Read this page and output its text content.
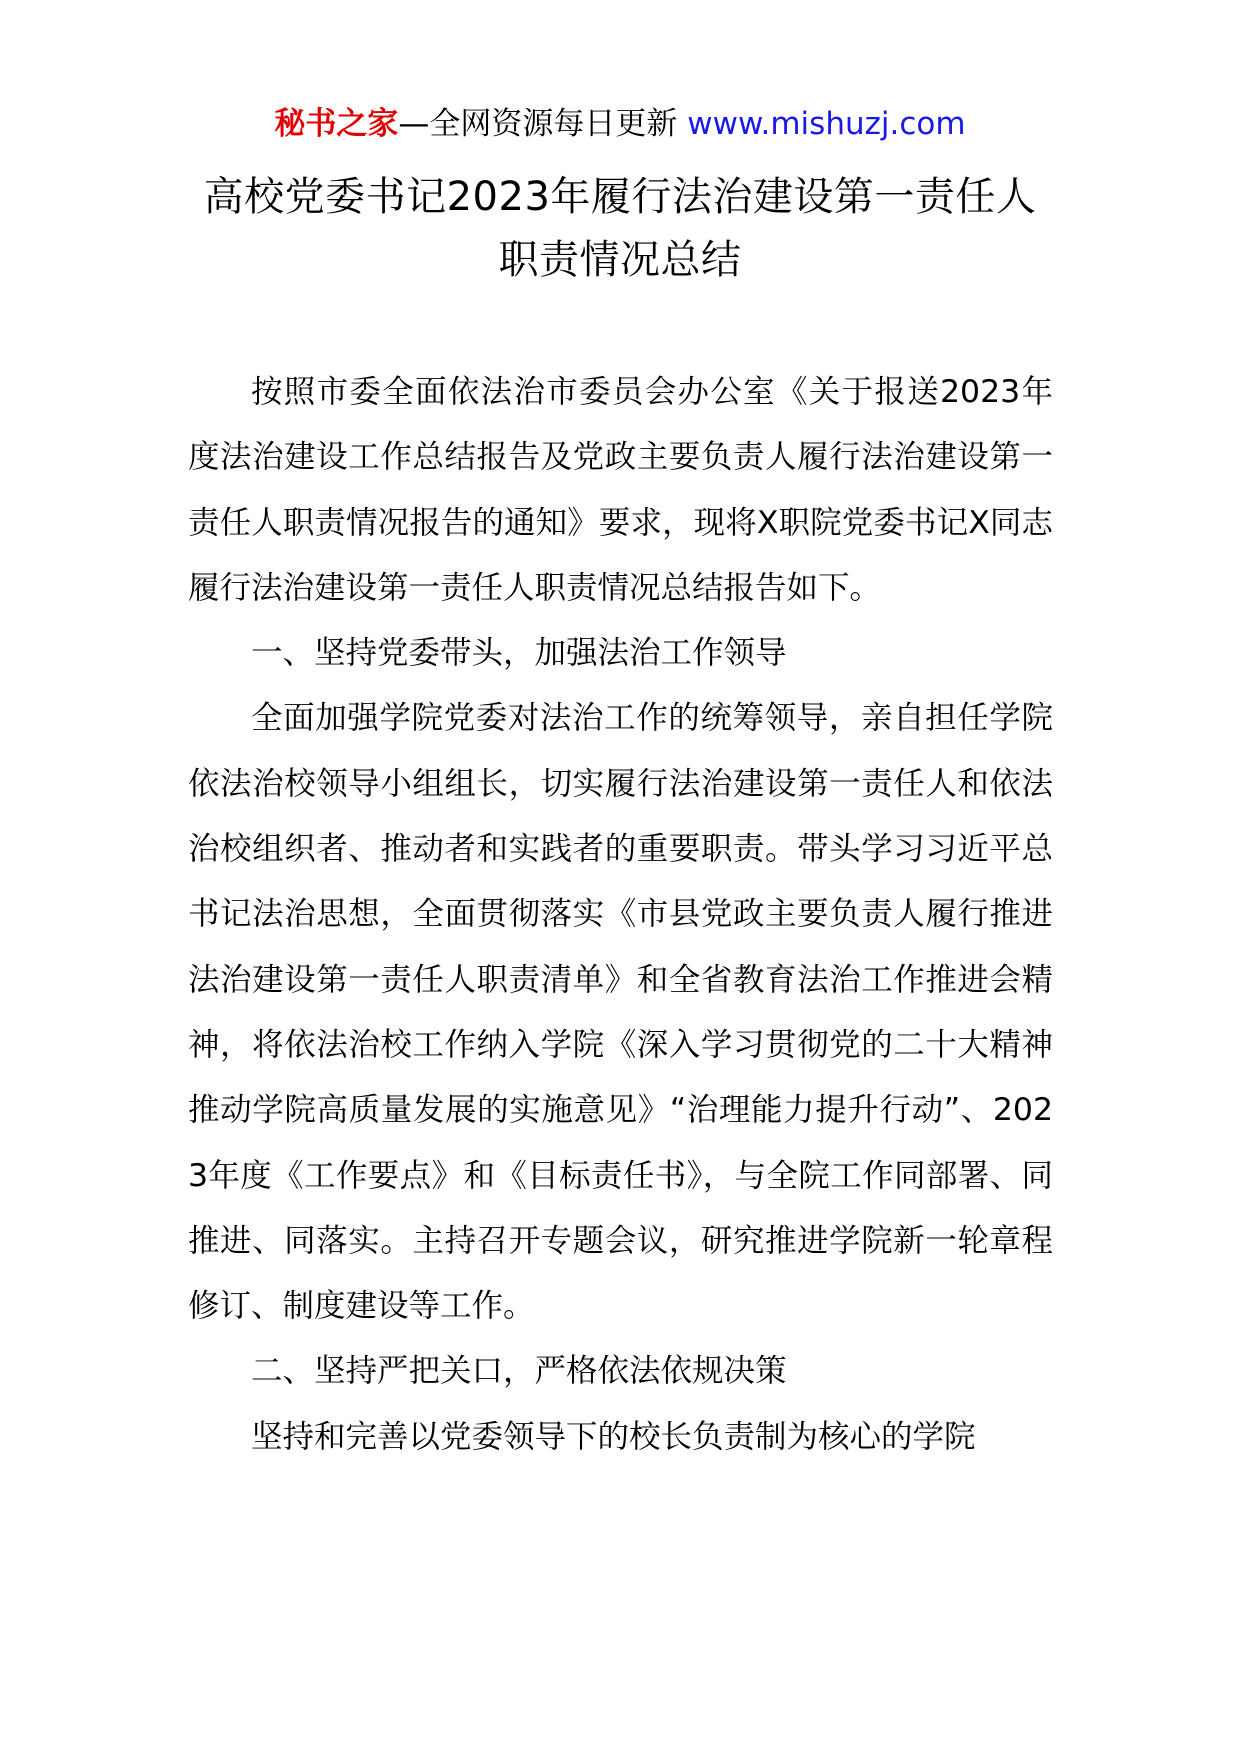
秘书之家—全网资源每日更新 www.mishuzj.com
高校党委书记2023年履行法治建设第一责任人
职责情况总结

按照市委全面依法治市委员会办公室《关于报送2023年度法治建设工作总结报告及党政主要负责人履行法治建设第一责任人职责情况报告的通知》要求，现将X职院党委书记X同志履行法治建设第一责任人职责情况总结报告如下。

一、坚持党委带头，加强法治工作领导

全面加强学院党委对法治工作的统筹领导，亲自担任学院依法治校领导小组组长，切实履行法治建设第一责任人和依法治校组织者、推动者和实践者的重要职责。带头学习习近平总书记法治思想，全面贯彻落实《市县党政主要负责人履行推进法治建设第一责任人职责清单》和全省教育法治工作推进会精神，将依法治校工作纳入学院《深入学习贯彻党的二十大精神推动学院高质量发展的实施意见》“治理能力提升行动”、2023年度《工作要点》和《目标责任书》，与全院工作同部署、同推进、同落实。主持召开专题会议，研究推进学院新一轮章程修订、制度建设等工作。

二、坚持严把关口，严格依法依规决策

坚持和完善以党委领导下的校长负责制为核心的学院
